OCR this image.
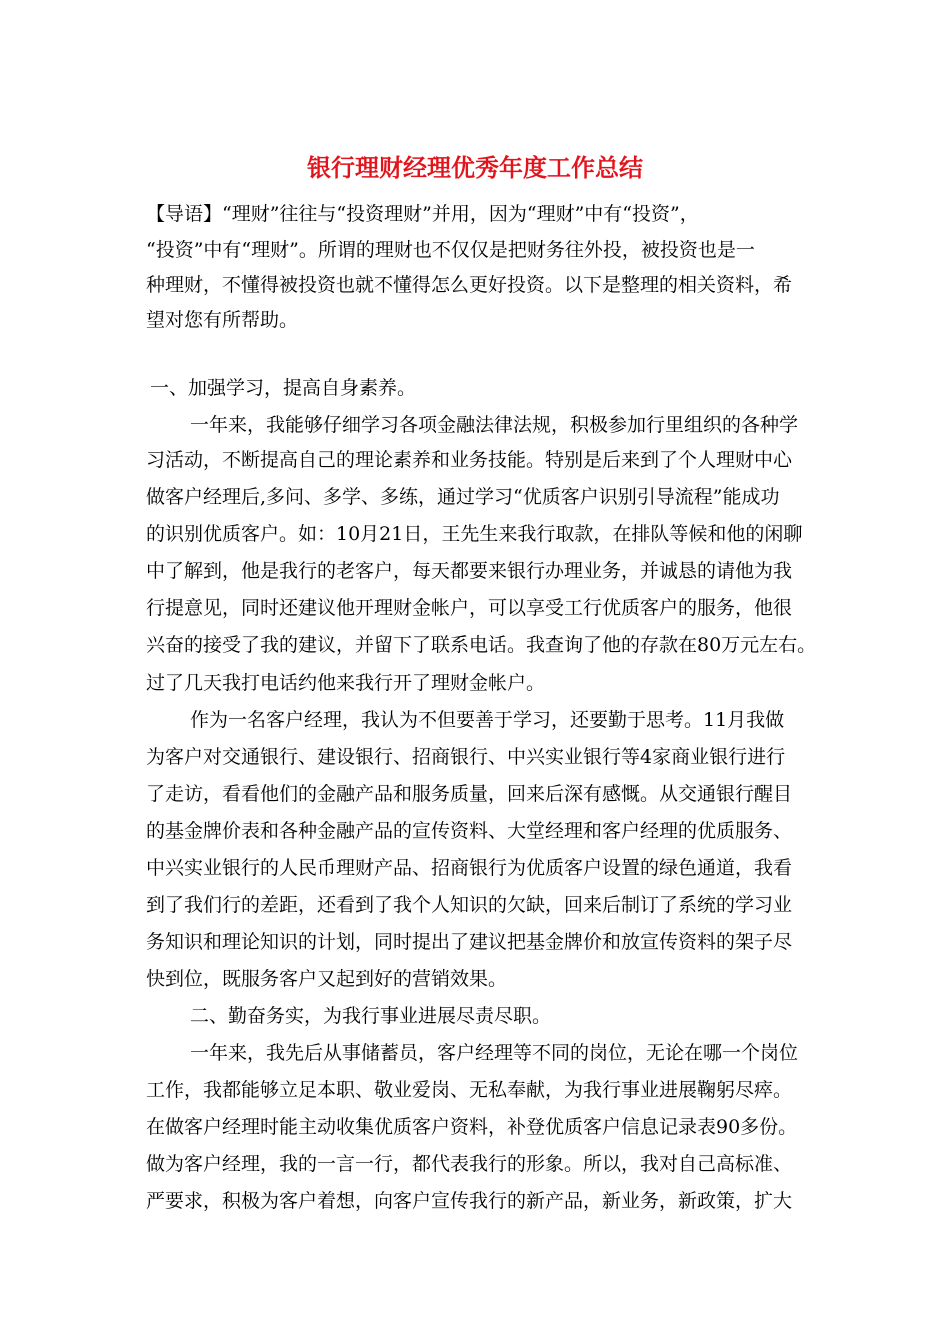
银行理财经理优秀年度工作总结
【导语】“理财”往往与“投资理财”并用，因为“理财”中有“投资”，
“投资”中有“理财”。所谓的理财也不仅仅是把财务往外投，被投资也是一
种理财，不懂得被投资也就不懂得怎么更好投资。以下是整理的相关资料，希
望对您有所帮助。
一、加强学习，提高自身素养。
一年来，我能够仔细学习各项金融法律法规，积极参加行里组织的各种学
习活动，不断提高自己的理论素养和业务技能。特别是后来到了个人理财中心
做客户经理后,多问、多学、多练，通过学习“优质客户识别引导流程”能成功
的识别优质客户。如：10月21日，王先生来我行取款，在排队等候和他的闲聊
中了解到，他是我行的老客户，每天都要来银行办理业务，并诚恳的请他为我
行提意见，同时还建议他开理财金帐户，可以享受工行优质客户的服务，他很
兴奋的接受了我的建议，并留下了联系电话。我查询了他的存款在80万元左右。
过了几天我打电话约他来我行开了理财金帐户。
作为一名客户经理，我认为不但要善于学习，还要勤于思考。11月我做
为客户对交通银行、建设银行、招商银行、中兴实业银行等4家商业银行进行
了走访，看看他们的金融产品和服务质量，回来后深有感慨。从交通银行醒目
的基金牌价表和各种金融产品的宣传资料、大堂经理和客户经理的优质服务、
中兴实业银行的人民币理财产品、招商银行为优质客户设置的绿色通道，我看
到了我们行的差距，还看到了我个人知识的欠缺，回来后制订了系统的学习业
务知识和理论知识的计划，同时提出了建议把基金牌价和放宣传资料的架子尽
快到位，既服务客户又起到好的营销效果。
二、勤奋务实，为我行事业进展尽责尽职。
一年来，我先后从事储蓄员，客户经理等不同的岗位，无论在哪一个岗位
工作，我都能够立足本职、敬业爱岗、无私奉献，为我行事业进展鞠躬尽瘁。
在做客户经理时能主动收集优质客户资料，补登优质客户信息记录表90多份。
做为客户经理，我的一言一行，都代表我行的形象。所以，我对自己高标准、
严要求，积极为客户着想，向客户宣传我行的新产品，新业务，新政策，扩大
